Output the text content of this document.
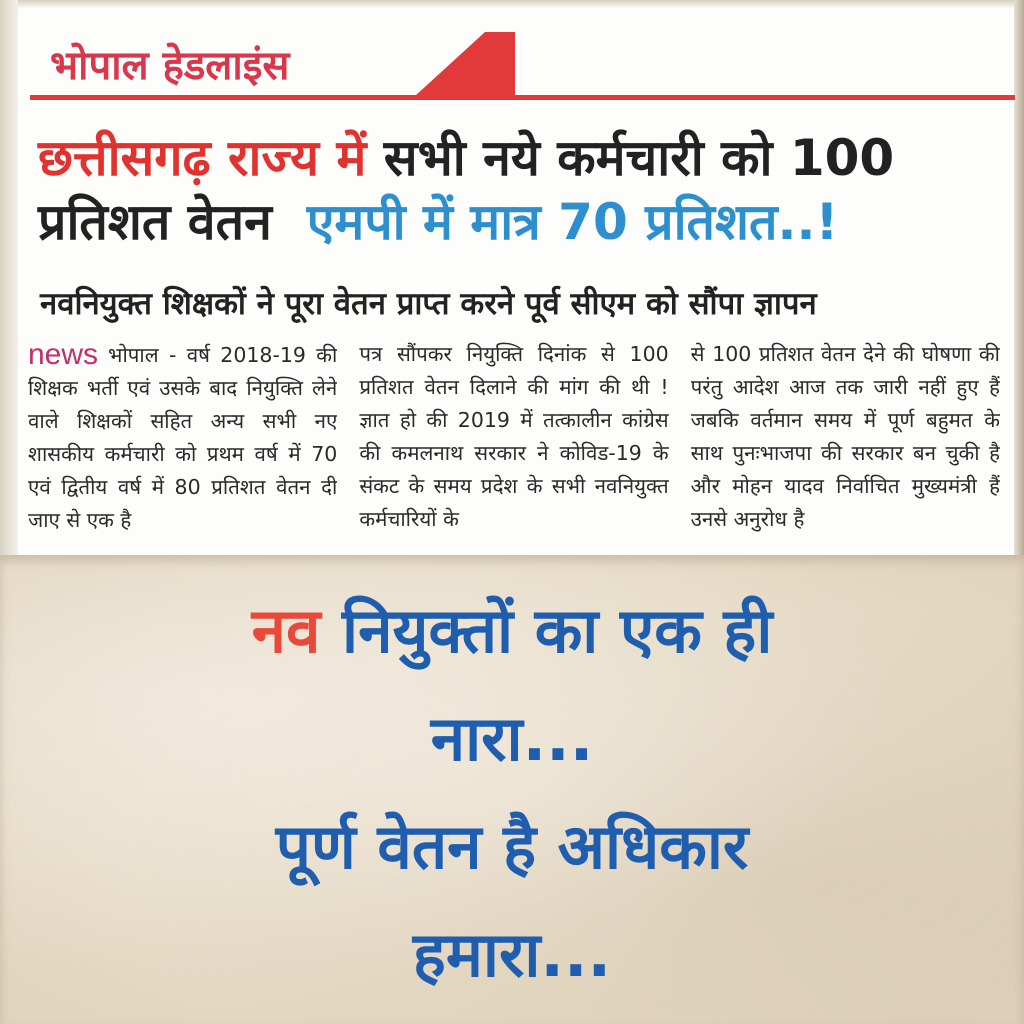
भोपाल हेडलाइंस
छत्तीसगढ़ राज्य में सभी नये कर्मचारी को 100
प्रतिशत वेतन एमपी में मात्र 70 प्रतिशत..!
नवनियुक्त शिक्षकों ने पूरा वेतन प्राप्त करने पूर्व सीएम को सौंपा ज्ञापन
news भोपाल - वर्ष 2018-19 की शिक्षक भर्ती एवं उसके बाद नियुक्ति लेने वाले शिक्षकों सहित अन्य सभी नए शासकीय कर्मचारी को प्रथम वर्ष में 70 एवं द्वितीय वर्ष में 80 प्रतिशत वेतन दी जाए से एक है
पत्र सौंपकर नियुक्ति दिनांक से 100 प्रतिशत वेतन दिलाने की मांग की थी ! ज्ञात हो की 2019 में तत्कालीन कांग्रेस की कमलनाथ सरकार ने कोविड-19 के संकट के समय प्रदेश के सभी नवनियुक्त कर्मचारियों के
से 100 प्रतिशत वेतन देने की घोषणा की परंतु आदेश आज तक जारी नहीं हुए हैं जबकि वर्तमान समय में पूर्ण बहुमत के साथ पुनःभाजपा की सरकार बन चुकी है और मोहन यादव निर्वाचित मुख्यमंत्री हैं उनसे अनुरोध है
नव नियुक्तों का एक ही
नारा...
पूर्ण वेतन है अधिकार
हमारा...
